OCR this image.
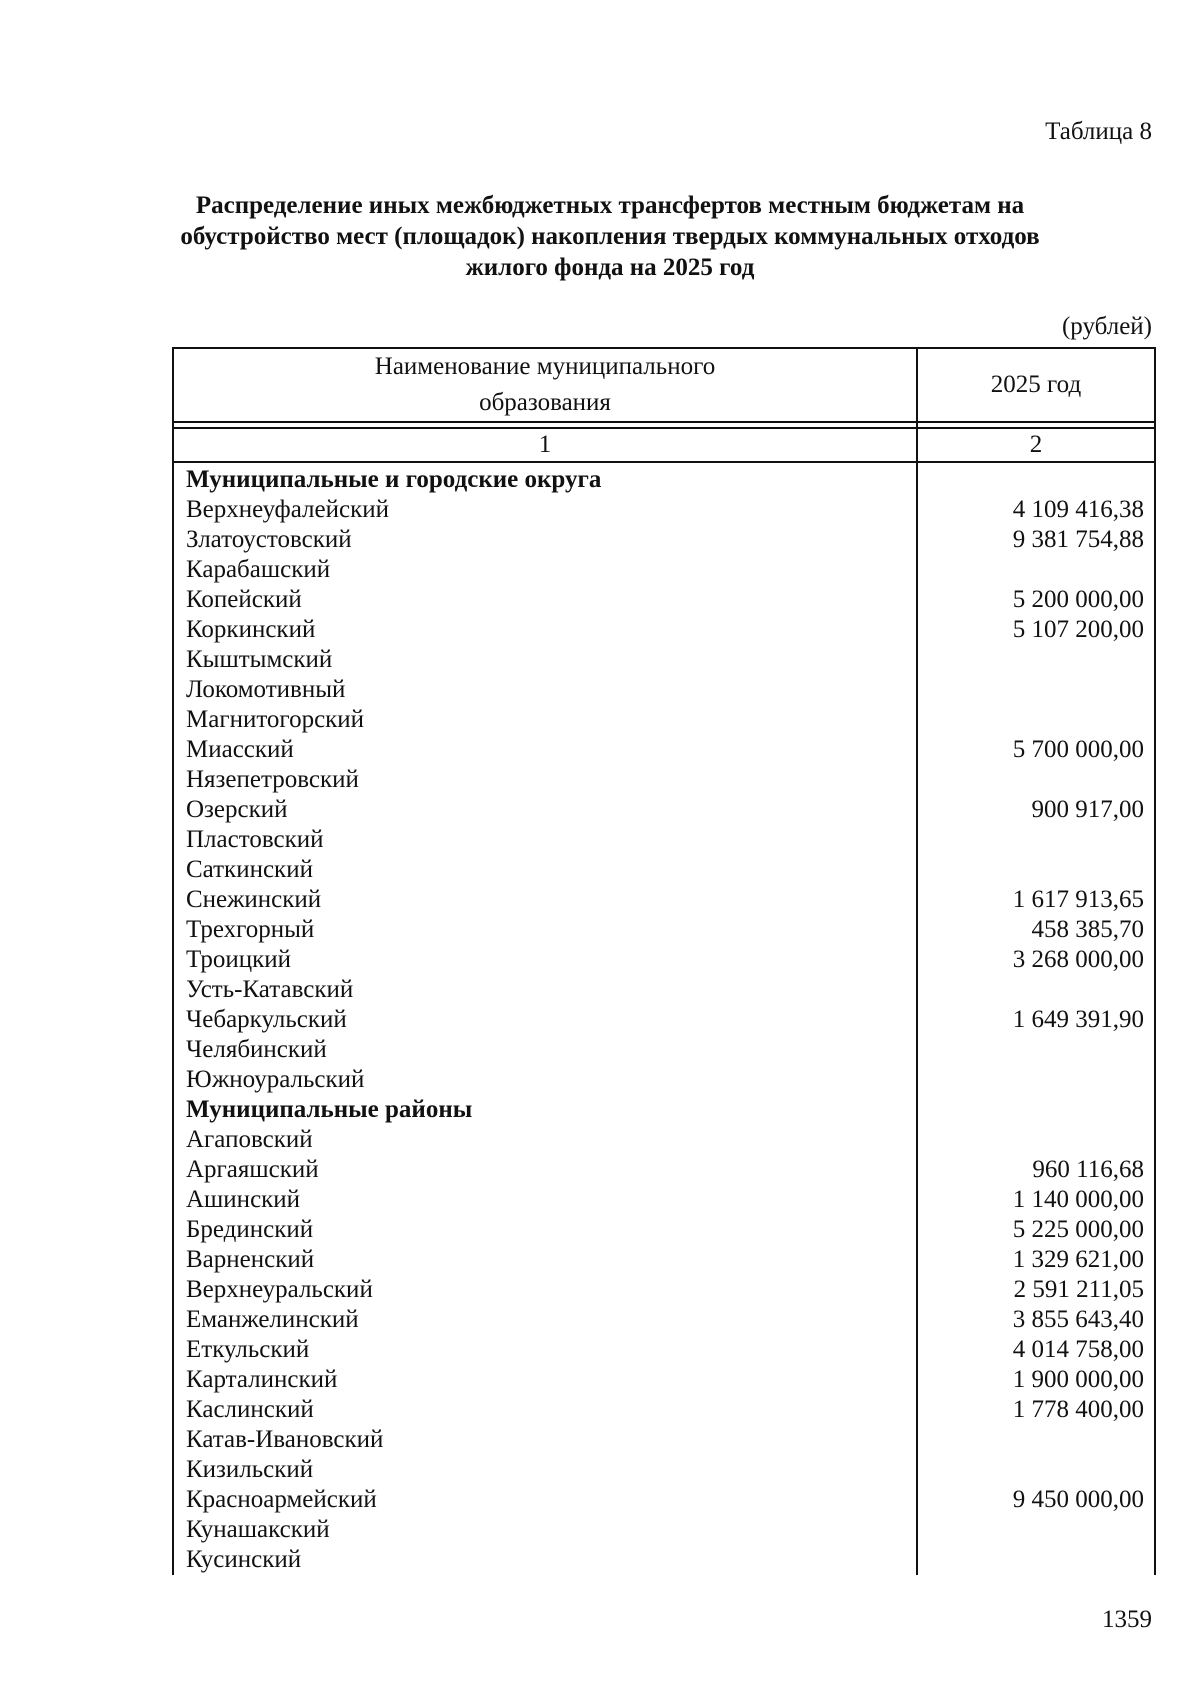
Таблица 8
Распределение иных межбюджетных трансфертов местным бюджетам на
обустройство мест (площадок) накопления твердых коммунальных отходов
жилого фонда на 2025 год
(рублей)
Наименование муниципального
образования	2025 год

1	2
Муниципальные и городские округа	
Верхнеуфалейский	4 109 416,38
Златоустовский	9 381 754,88
Карабашский	
Копейский	5 200 000,00
Коркинский	5 107 200,00
Кыштымский	
Локомотивный	
Магнитогорский	
Миасский	5 700 000,00
Нязепетровский	
Озерский	900 917,00
Пластовский	
Саткинский	
Снежинский	1 617 913,65
Трехгорный	458 385,70
Троицкий	3 268 000,00
Усть-Катавский	
Чебаркульский	1 649 391,90
Челябинский	
Южноуральский	
Муниципальные районы	
Агаповский	
Аргаяшский	960 116,68
Ашинский	1 140 000,00
Брединский	5 225 000,00
Варненский	1 329 621,00
Верхнеуральский	2 591 211,05
Еманжелинский	3 855 643,40
Еткульский	4 014 758,00
Карталинский	1 900 000,00
Каслинский	1 778 400,00
Катав-Ивановский	
Кизильский	
Красноармейский	9 450 000,00
Кунашакский	
Кусинский	
1359
